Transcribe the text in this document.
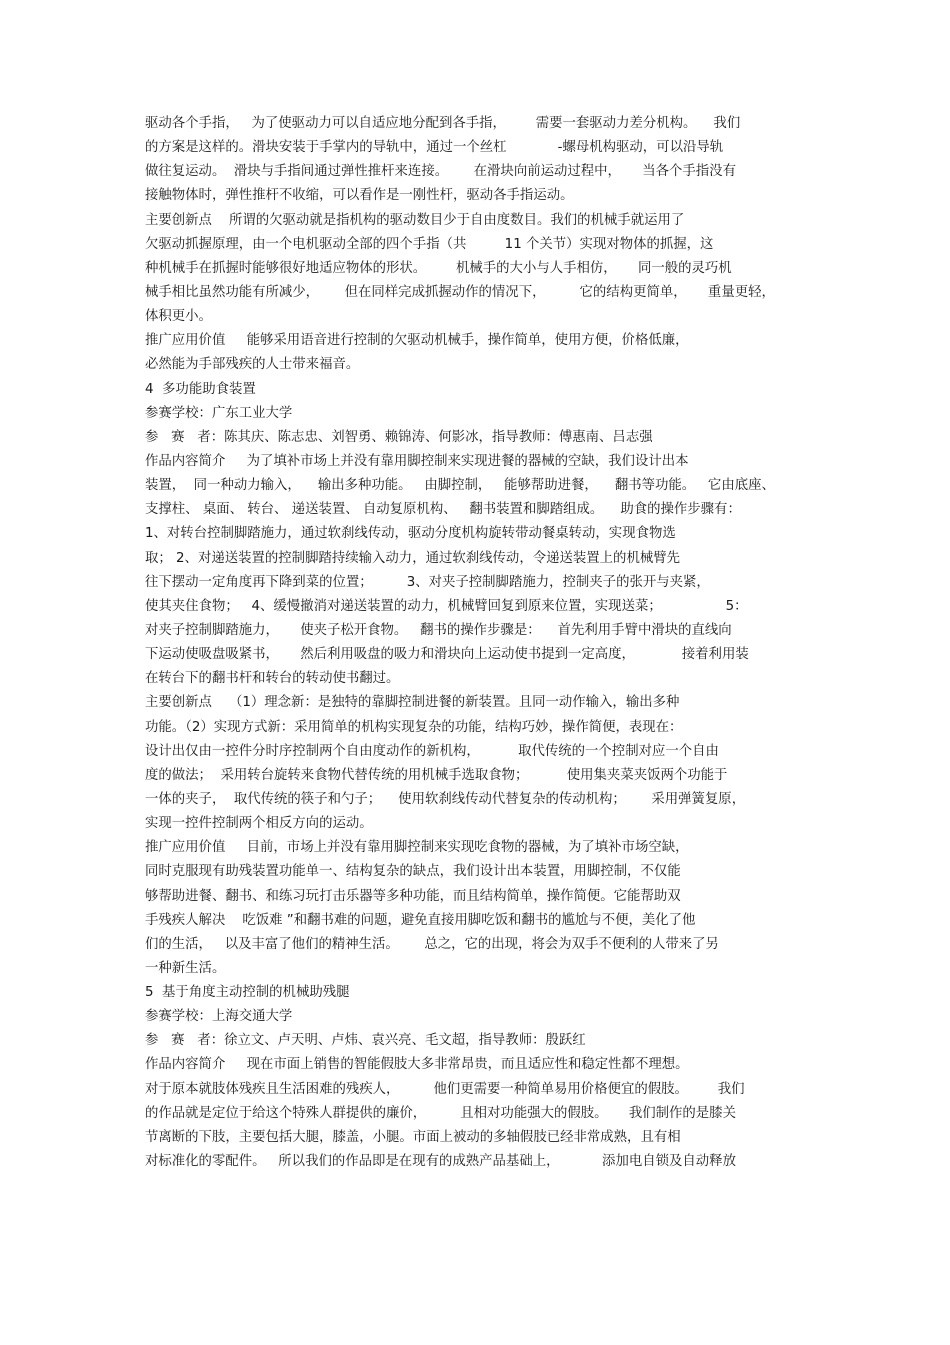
驱动各个手指，   为了使驱动力可以自适应地分配到各手指，       需要一套驱动力差分机构。    我们
的方案是这样的。滑块安装于手掌内的导轨中，通过一个丝杠            -螺母机构驱动，可以沿导轨
做往复运动。  滑块与手指间通过弹性推杆来连接。      在滑块向前运动过程中，     当各个手指没有
接触物体时，弹性推杆不收缩，可以看作是一刚性杆，驱动各手指运动。
主要创新点    所谓的欠驱动就是指机构的驱动数目少于自由度数目。我们的机械手就运用了
欠驱动抓握原理，由一个电机驱动全部的四个手指（共         11 个关节）实现对物体的抓握，这
种机械手在抓握时能够很好地适应物体的形状。       机械手的大小与人手相仿，     同一般的灵巧机
械手相比虽然功能有所减少，      但在同样完成抓握动作的情况下，        它的结构更简单，     重量更轻，
体积更小。
推广应用价值     能够采用语音进行控制的欠驱动机械手，操作简单，使用方便，价格低廉，
必然能为手部残疾的人士带来福音。
4  多功能助食装置
参赛学校：广东工业大学
参   赛   者：陈其庆、陈志忠、刘智勇、赖锦涛、何影冰，指导教师：傅惠南、吕志强
作品内容简介     为了填补市场上并没有靠用脚控制来实现进餐的器械的空缺，我们设计出本
装置，  同一种动力输入，    输出多种功能。   由脚控制，   能够帮助进餐，    翻书等功能。   它由底座、
支撑柱、 桌面、 转台、 递送装置、 自动复原机构、   翻书装置和脚踏组成。    助食的操作步骤有：
1、对转台控制脚踏施力，通过软刹线传动，驱动分度机构旋转带动餐桌转动，实现食物选
取； 2、对递送装置的控制脚踏持续输入动力，通过软刹线传动，令递送装置上的机械臂先
往下摆动一定角度再下降到菜的位置；        3、对夹子控制脚踏施力，控制夹子的张开与夹紧，
使其夹住食物；   4、缓慢撤消对递送装置的动力，机械臂回复到原来位置，实现送菜；               5：
对夹子控制脚踏施力，     使夹子松开食物。   翻书的操作步骤是：    首先利用手臂中滑块的直线向
下运动使吸盘吸紧书，     然后利用吸盘的吸力和滑块向上运动使书提到一定高度，           接着利用装
在转台下的翻书杆和转台的转动使书翻过。
主要创新点    （1）理念新：是独特的靠脚控制进餐的新装置。且同一动作输入，输出多种
功能。（2）实现方式新：采用简单的机构实现复杂的功能，结构巧妙，操作简便，表现在：
设计出仅由一控件分时序控制两个自由度动作的新机构，         取代传统的一个控制对应一个自由
度的做法；  采用转台旋转来食物代替传统的用机械手选取食物；         使用集夹菜夹饭两个功能于
一体的夹子，  取代传统的筷子和勺子；    使用软刹线传动代替复杂的传动机构；      采用弹簧复原，
实现一控件控制两个相反方向的运动。
推广应用价值     目前，市场上并没有靠用脚控制来实现吃食物的器械，为了填补市场空缺，
同时克服现有助残装置功能单一、结构复杂的缺点，我们设计出本装置，用脚控制，不仅能
够帮助进餐、翻书、和练习玩打击乐器等多种功能，而且结构简单，操作简便。它能帮助双
手残疾人解决    吃饭难 ”和翻书难的问题，避免直接用脚吃饭和翻书的尴尬与不便，美化了他
们的生活，   以及丰富了他们的精神生活。      总之，它的出现，将会为双手不便利的人带来了另
一种新生活。
5  基于角度主动控制的机械助残腿
参赛学校：上海交通大学
参   赛   者：徐立文、卢天明、卢炜、袁兴亮、毛文超，指导教师：殷跃红
作品内容简介     现在市面上销售的智能假肢大多非常昂贵，而且适应性和稳定性都不理想。
对于原本就肢体残疾且生活困难的残疾人，        他们更需要一种简单易用价格便宜的假肢。       我们
的作品就是定位于给这个特殊人群提供的廉价，        且相对功能强大的假肢。     我们制作的是膝关
节离断的下肢，主要包括大腿，膝盖，小腿。市面上被动的多轴假肢已经非常成熟，且有相
对标准化的零配件。   所以我们的作品即是在现有的成熟产品基础上，          添加电自锁及自动释放
